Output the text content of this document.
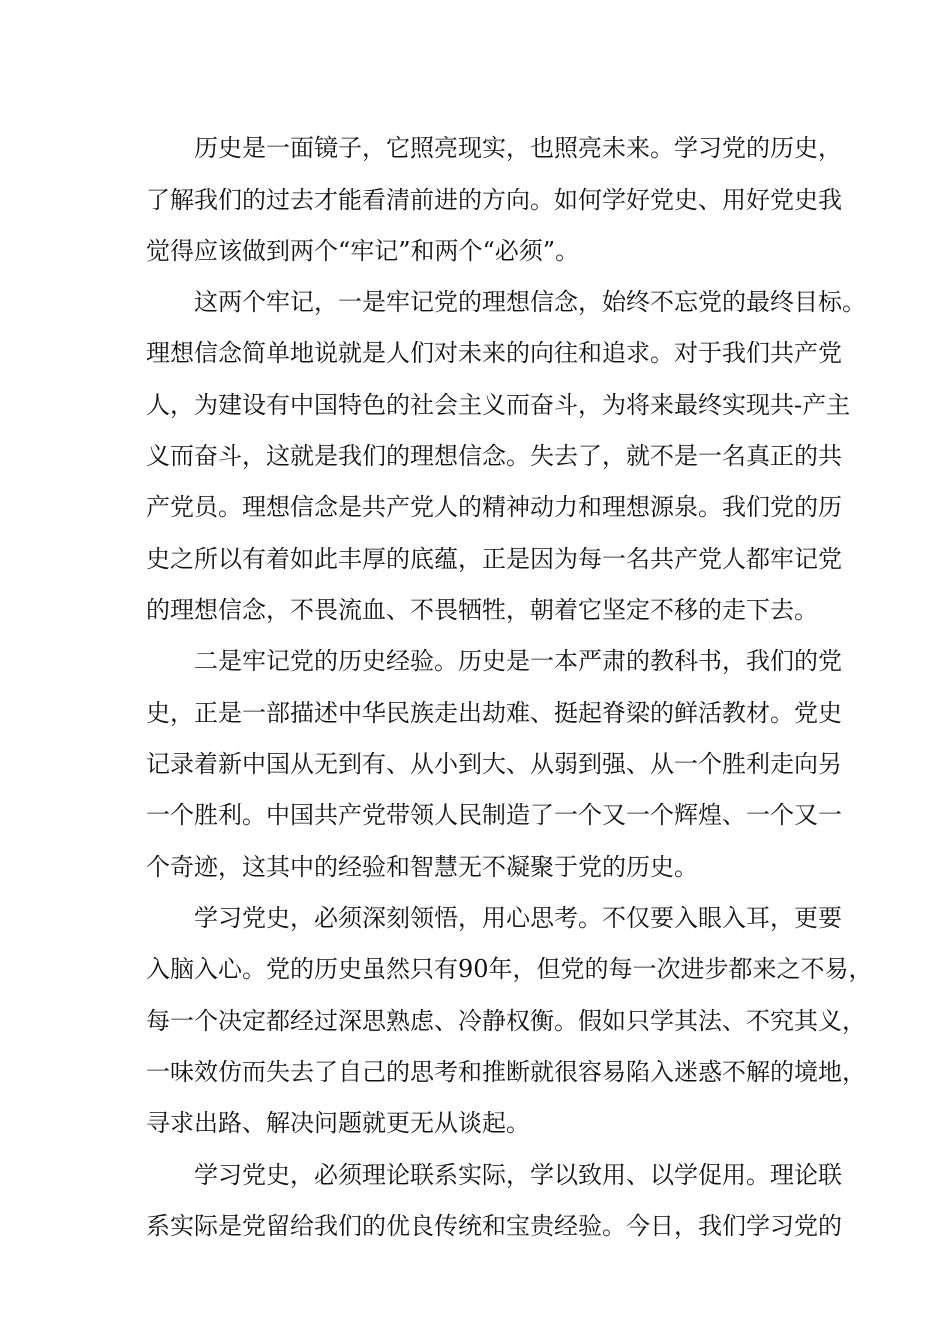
历史是一面镜子，它照亮现实，也照亮未来。学习党的历史，
了解我们的过去才能看清前进的方向。如何学好党史、用好党史我
觉得应该做到两个“牢记”和两个“必须”。
这两个牢记，一是牢记党的理想信念，始终不忘党的最终目标。
理想信念简单地说就是人们对未来的向往和追求。对于我们共产党
人，为建设有中国特色的社会主义而奋斗，为将来最终实现共-产主
义而奋斗，这就是我们的理想信念。失去了，就不是一名真正的共
产党员。理想信念是共产党人的精神动力和理想源泉。我们党的历
史之所以有着如此丰厚的底蕴，正是因为每一名共产党人都牢记党
的理想信念，不畏流血、不畏牺牲，朝着它坚定不移的走下去。
二是牢记党的历史经验。历史是一本严肃的教科书，我们的党
史，正是一部描述中华民族走出劫难、挺起脊梁的鲜活教材。党史
记录着新中国从无到有、从小到大、从弱到强、从一个胜利走向另
一个胜利。中国共产党带领人民制造了一个又一个辉煌、一个又一
个奇迹，这其中的经验和智慧无不凝聚于党的历史。
学习党史，必须深刻领悟，用心思考。不仅要入眼入耳，更要
入脑入心。党的历史虽然只有90年，但党的每一次进步都来之不易，
每一个决定都经过深思熟虑、冷静权衡。假如只学其法、不究其义，
一味效仿而失去了自己的思考和推断就很容易陷入迷惑不解的境地，
寻求出路、解决问题就更无从谈起。
学习党史，必须理论联系实际，学以致用、以学促用。理论联
系实际是党留给我们的优良传统和宝贵经验。今日，我们学习党的
